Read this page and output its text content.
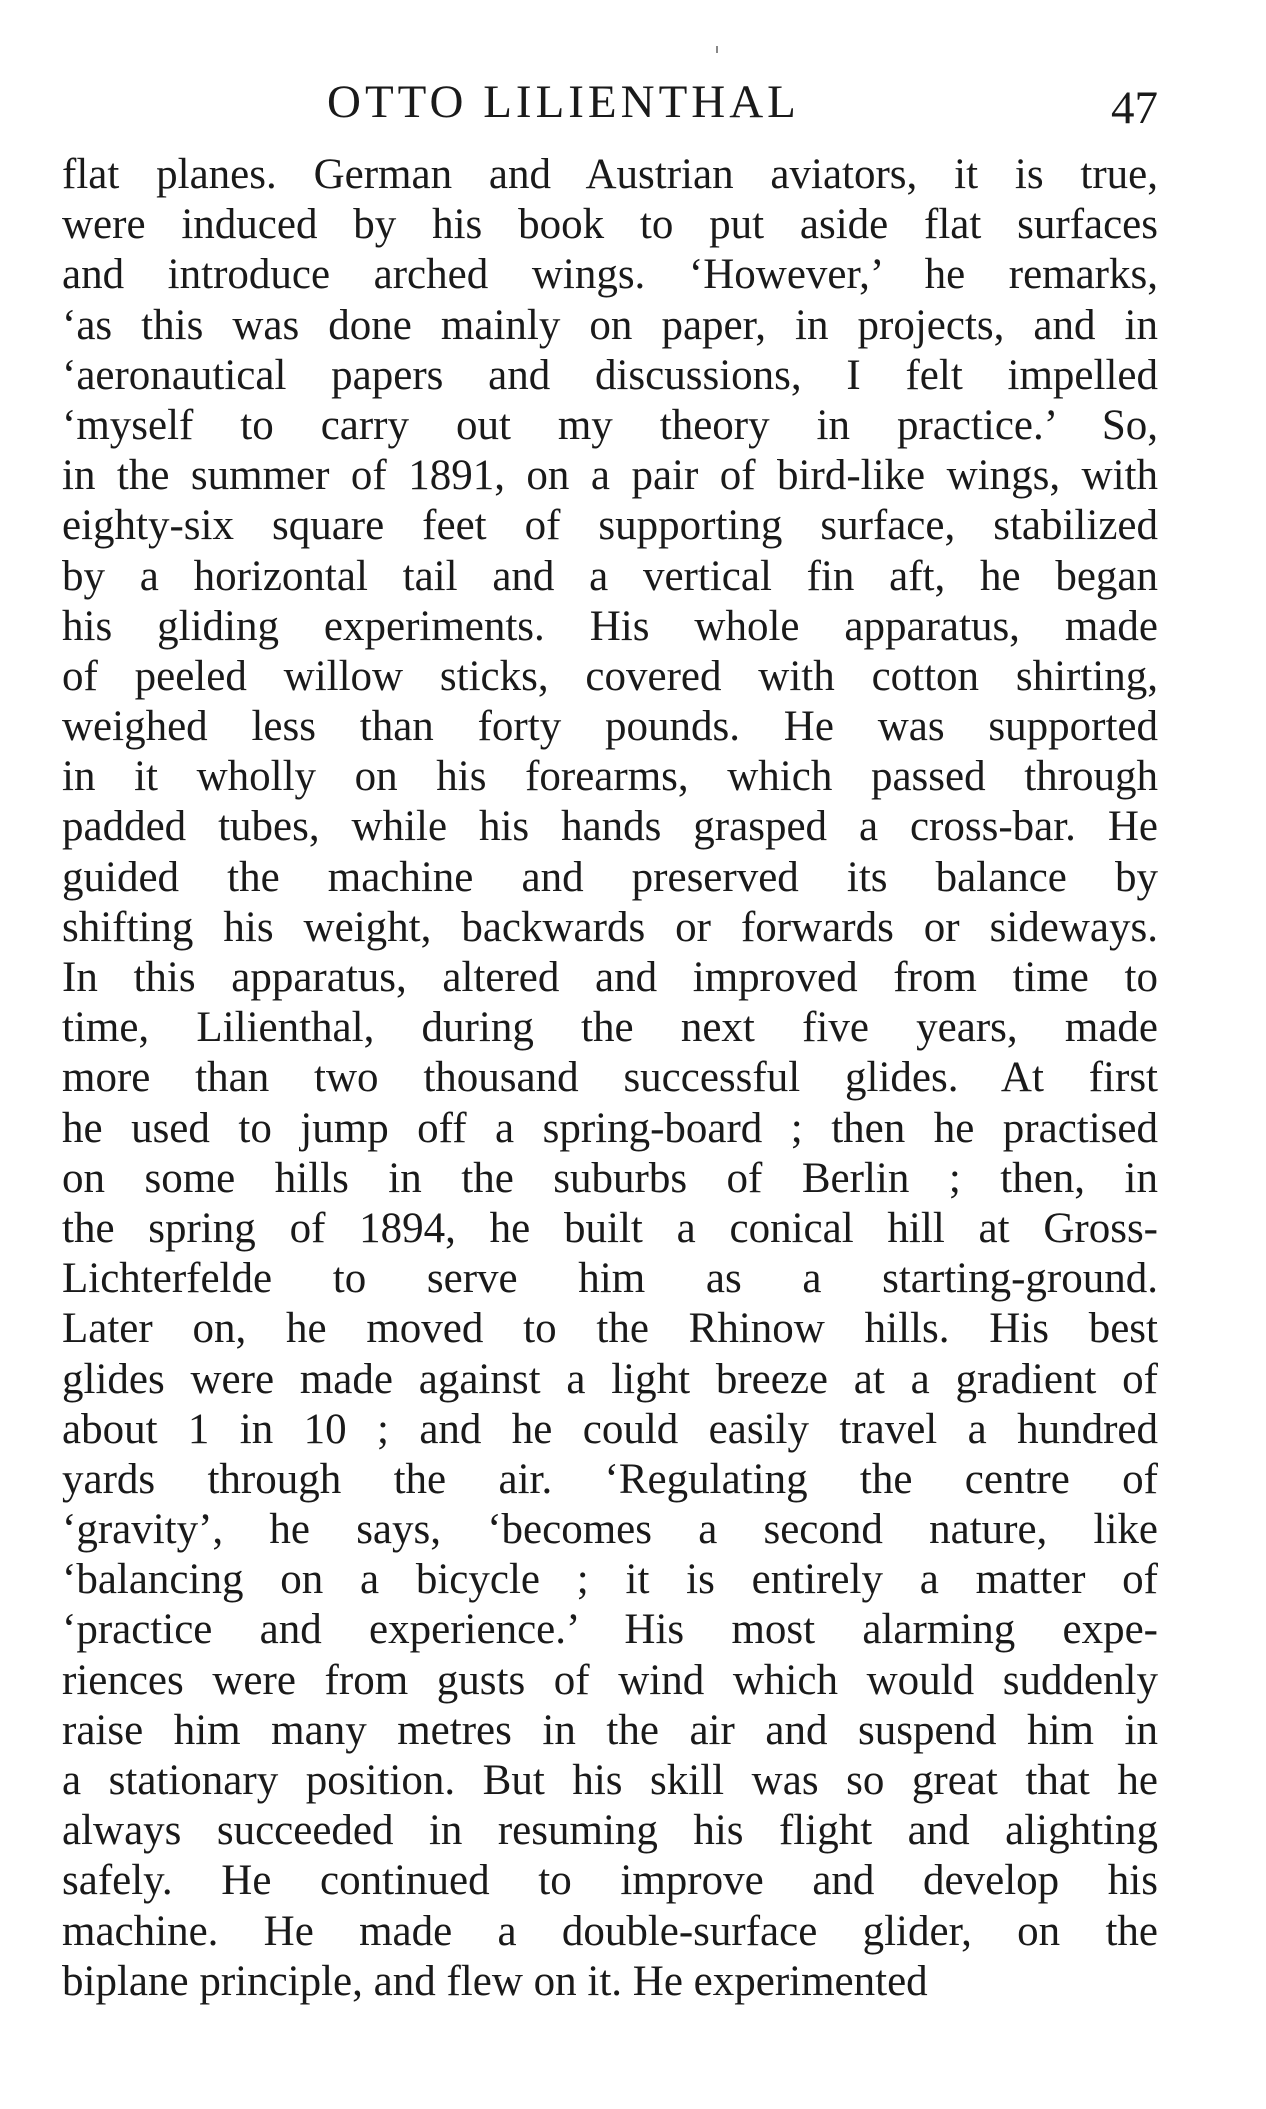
OTTO LILIENTHAL	47
flat planes. German and Austrian aviators, it is true,
were induced by his book to put aside flat surfaces
and introduce arched wings. ‘However,’ he remarks,
‘as this was done mainly on paper, in projects, and in
‘aeronautical papers and discussions, I felt impelled
‘myself to carry out my theory in practice.’ So,
in the summer of 1891, on a pair of bird-like wings, with
eighty-six square feet of supporting surface, stabilized
by a horizontal tail and a vertical fin aft, he began
his gliding experiments. His whole apparatus, made
of peeled willow sticks, covered with cotton shirting,
weighed less than forty pounds. He was supported
in it wholly on his forearms, which passed through
padded tubes, while his hands grasped a cross-bar. He
guided the machine and preserved its balance by
shifting his weight, backwards or forwards or sideways.
In this apparatus, altered and improved from time to
time, Lilienthal, during the next five years, made
more than two thousand successful glides. At first
he used to jump off a spring-board ; then he practised
on some hills in the suburbs of Berlin ; then, in
the spring of 1894, he built a conical hill at Gross-
Lichterfelde to serve him as a starting-ground.
Later on, he moved to the Rhinow hills. His best
glides were made against a light breeze at a gradient of
about 1 in 10 ; and he could easily travel a hundred
yards through the air. ‘Regulating the centre of
‘gravity’, he says, ‘becomes a second nature, like
‘balancing on a bicycle ; it is entirely a matter of
‘practice and experience.’ His most alarming expe-
riences were from gusts of wind which would suddenly
raise him many metres in the air and suspend him in
a stationary position. But his skill was so great that he
always succeeded in resuming his flight and alighting
safely. He continued to improve and develop his
machine. He made a double-surface glider, on the
biplane principle, and flew on it. He experimented
